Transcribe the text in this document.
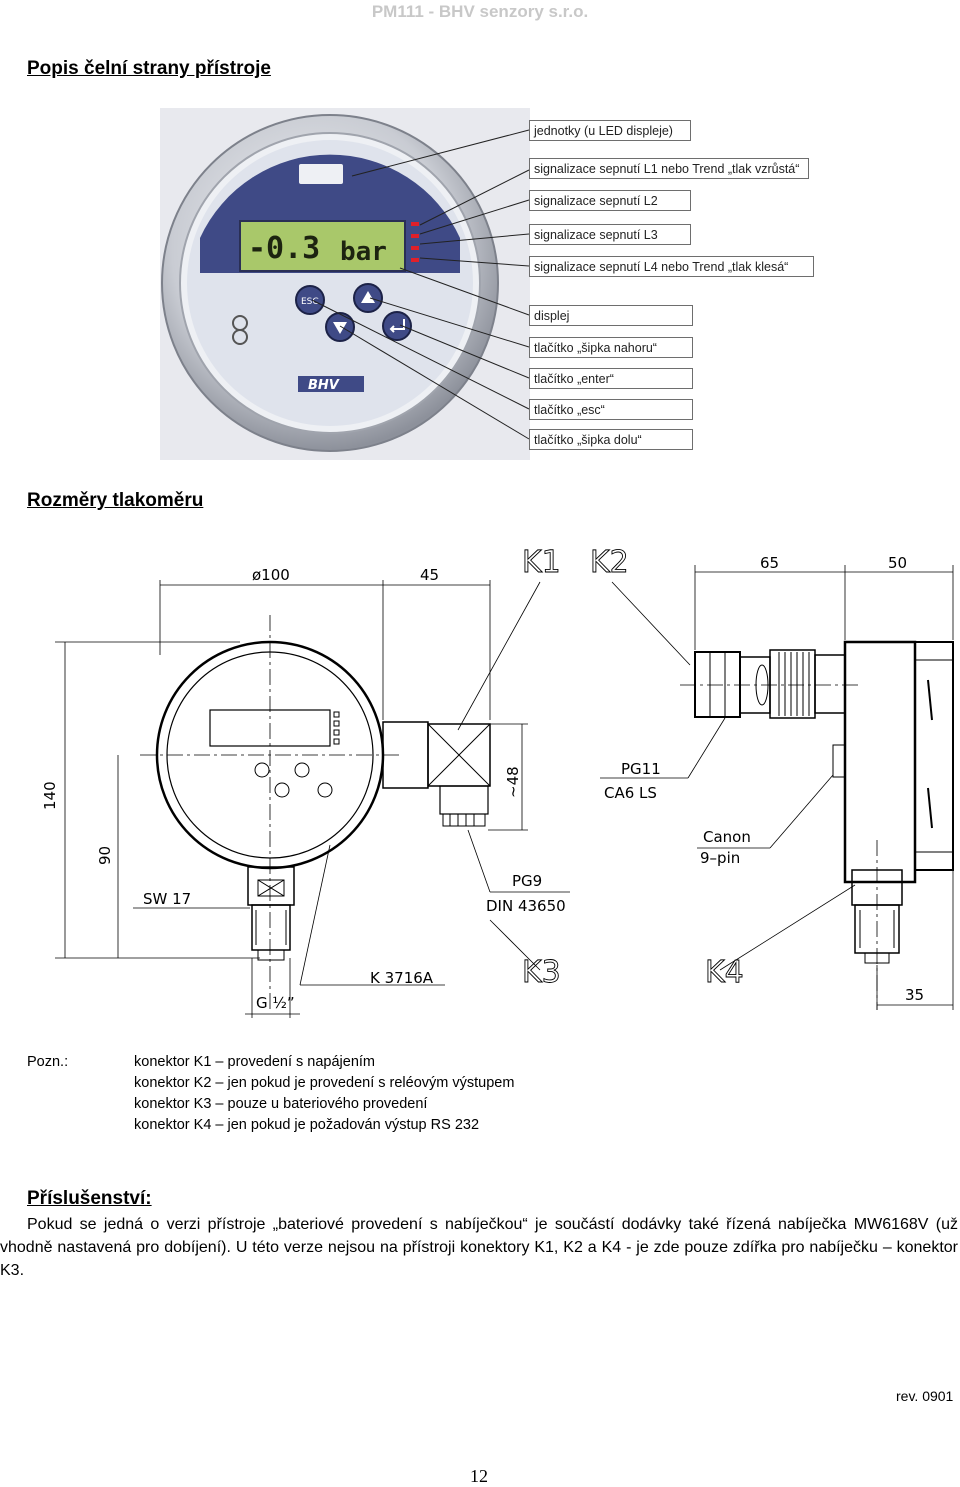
PM111 - BHV senzory s.r.o.
Popis čelní strany přístroje
-0.3 bar
ESC
BHV
jednotky (u LED displeje)
signalizace sepnutí L1 nebo Trend „tlak vzrůstá“
signalizace sepnutí L2
signalizace sepnutí L3
signalizace sepnutí L4 nebo Trend „tlak klesá“
displej
tlačítko „šipka nahoru“
tlačítko „enter“
tlačítko „esc“
tlačítko „šipka dolu“
Rozměry tlakoměru
ø100	45
140
90
~48
SW 17
G ½”
K 3716A
PG9
DIN 43650
K1 K2
K3	K4
65	50
PG11
CA6 LS
Canon
9–pin
35
Pozn.:	konektor K1 – provedení s napájením
konektor K2 – jen pokud je provedení s reléovým výstupem
konektor K3 – pouze u bateriového provedení
konektor K4 – jen pokud je požadován výstup RS 232
Příslušenství:
Pokud se jedná o verzi přístroje „bateriové provedení s nabíječkou“ je součástí dodávky také řízená nabíječka MW6168V (už vhodně nastavená pro dobíjení). U této verze nejsou na přístroji konektory K1, K2 a K4 - je zde pouze zdířka pro nabíječku – konektor K3.
rev. 0901
12
